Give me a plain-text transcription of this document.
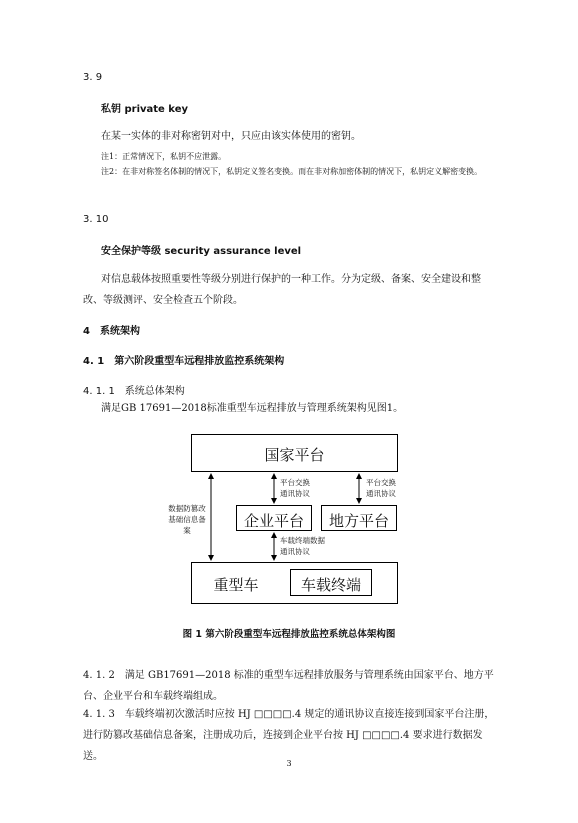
3. 9
私钥 private key
在某一实体的非对称密钥对中，只应由该实体使用的密钥。
注1：正常情况下，私钥不应泄露。
注2：在非对称签名体制的情况下，私钥定义签名变换。而在非对称加密体制的情况下，私钥定义解密变换。
3. 10
安全保护等级 security assurance level
对信息载体按照重要性等级分别进行保护的一种工作。分为定级、备案、安全建设和整改、等级测评、安全检查五个阶段。
4　系统架构
4. 1　第六阶段重型车远程排放监控系统架构
4. 1. 1　系统总体架构
满足GB 17691—2018标准重型车远程排放与管理系统架构见图1。
国家平台
企业平台	地方平台
重型车	车载终端
数据防篡改基础信息备案
平台交换通讯协议
平台交换通讯协议
车载终端数据通讯协议
图 1 第六阶段重型车远程排放监控系统总体架构图
4. 1. 2　满足 GB17691—2018 标准的重型车远程排放服务与管理系统由国家平台、地方平台、企业平台和车载终端组成。
4. 1. 3　车载终端初次激活时应按 HJ □□□□.4 规定的通讯协议直接连接到国家平台注册，进行防篡改基础信息备案，注册成功后，连接到企业平台按 HJ □□□□.4 要求进行数据发送。
3
